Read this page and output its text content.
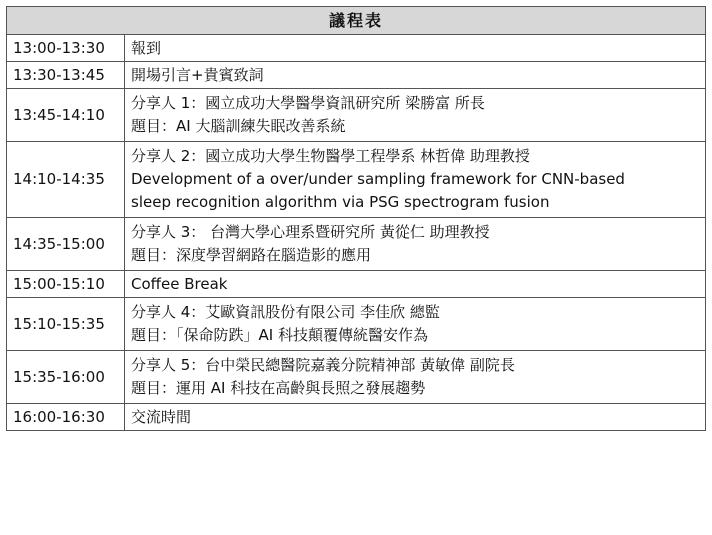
議程表	
13:00-13:30	報到

13:30-13:45	開場引言+貴賓致詞

13:45-14:10	分享人 1：國立成功大學醫學資訊研究所 梁勝富 所長
題目：AI 大腦訓練失眠改善系統

14:10-14:35	分享人 2：國立成功大學生物醫學工程學系 林哲偉 助理教授
Development of a over/under sampling framework for CNN-based
sleep recognition algorithm via PSG spectrogram fusion

14:35-15:00	分享人 3： 台灣大學心理系暨研究所 黃從仁 助理教授
題目：深度學習網路在腦造影的應用

15:00-15:10	Coffee Break

15:10-15:35	分享人 4：艾歐資訊股份有限公司 李佳欣 總監
題目：「保命防跌」AI 科技顛覆傳統醫安作為

15:35-16:00	分享人 5：台中榮民總醫院嘉義分院精神部 黃敏偉 副院長
題目：運用 AI 科技在高齡與長照之發展趨勢

16:00-16:30	交流時間
